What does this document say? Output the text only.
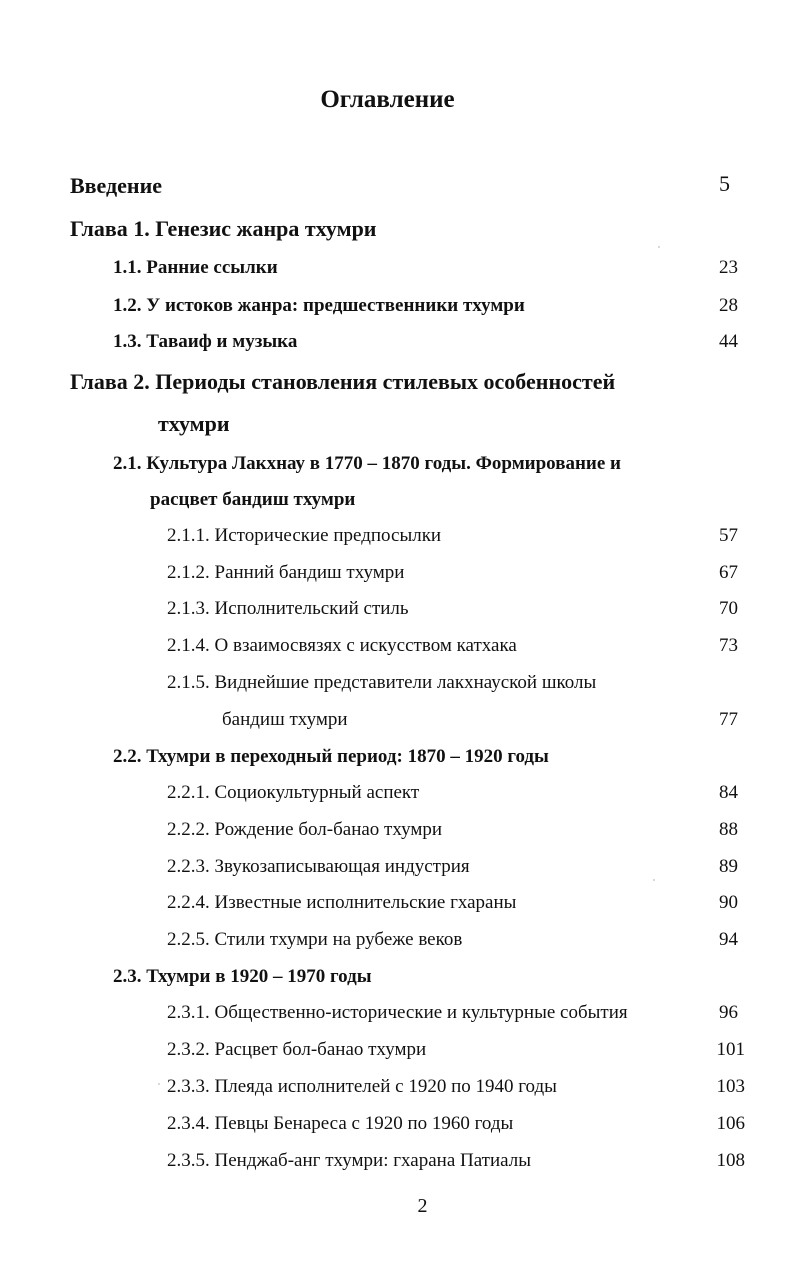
Оглавление
Введение	5
Глава 1. Генезис жанра тхумри
1.1. Ранние ссылки	23
1.2. У истоков жанра: предшественники тхумри	28
1.3. Таваиф и музыка	44
Глава 2. Периоды становления стилевых особенностей
тхумри
2.1. Культура Лакхнау в 1770 – 1870 годы. Формирование и
расцвет бандиш тхумри
2.1.1. Исторические предпосылки	57
2.1.2. Ранний бандиш тхумри	67
2.1.3. Исполнительский стиль	70
2.1.4. О взаимосвязях с искусством катхака	73
2.1.5. Виднейшие представители лакхнауской школы
бандиш тхумри	77
2.2. Тхумри в переходный период: 1870 – 1920 годы
2.2.1. Социокультурный аспект	84
2.2.2. Рождение бол-банао тхумри	88
2.2.3. Звукозаписывающая индустрия	89
2.2.4. Известные исполнительские гхараны	90
2.2.5. Стили тхумри на рубеже веков	94
2.3. Тхумри в 1920 – 1970 годы
2.3.1. Общественно-исторические и культурные события	96
2.3.2. Расцвет бол-банао тхумри	101
2.3.3. Плеяда исполнителей с 1920 по 1940 годы	103
2.3.4. Певцы Бенареса с 1920 по 1960 годы	106
2.3.5. Пенджаб-анг тхумри: гхарана Патиалы	108
2
